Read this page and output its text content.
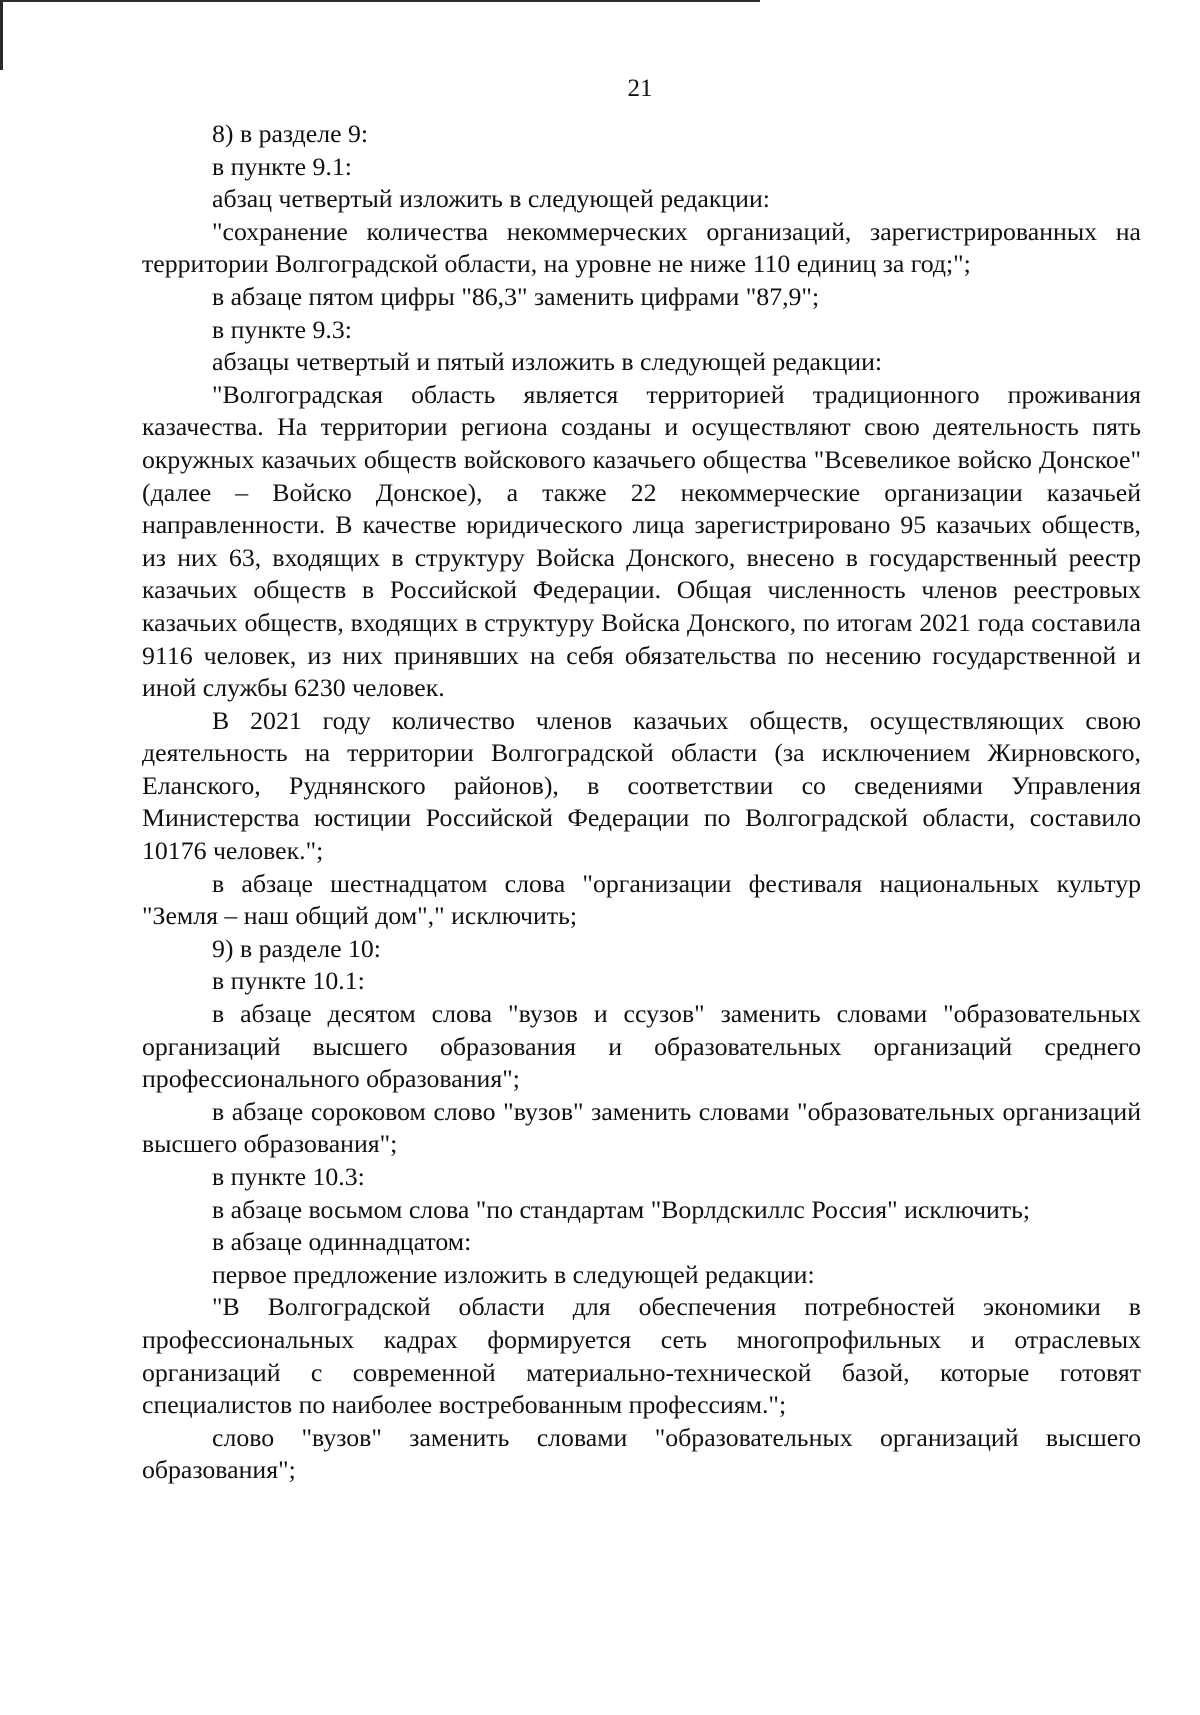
21

8) в разделе 9:

в пункте 9.1:

абзац четвертый изложить в следующей редакции:

"сохранение количества некоммерческих организаций, зарегистрированных на территории Волгоградской области, на уровне не ниже 110 единиц за год;";

в абзаце пятом цифры "86,3" заменить цифрами "87,9";

в пункте 9.3:

абзацы четвертый и пятый изложить в следующей редакции:

"Волгоградская область является территорией традиционного проживания казачества. На территории региона созданы и осуществляют свою деятельность пять окружных казачьих обществ войскового казачьего общества "Всевеликое войско Донское" (далее – Войско Донское), а также 22 некоммерческие организации казачьей направленности. В качестве юридического лица зарегистрировано 95 казачьих обществ, из них 63, входящих в структуру Войска Донского, внесено в государственный реестр казачьих обществ в Российской Федерации. Общая численность членов реестровых казачьих обществ, входящих в структуру Войска Донского, по итогам 2021 года составила 9116 человек, из них принявших на себя обязательства по несению государственной и иной службы 6230 человек.

В 2021 году количество членов казачьих обществ, осуществляющих свою деятельность на территории Волгоградской области (за исключением Жирновского, Еланского, Руднянского районов), в соответствии со сведениями Управления Министерства юстиции Российской Федерации по Волгоградской области, составило 10176 человек.";

в абзаце шестнадцатом слова "организации фестиваля национальных культур "Земля – наш общий дом"," исключить;

9) в разделе 10:

в пункте 10.1:

в абзаце десятом слова "вузов и ссузов" заменить словами "образовательных организаций высшего образования и образовательных организаций среднего профессионального образования";

в абзаце сороковом слово "вузов" заменить словами "образовательных организаций высшего образования";

в пункте 10.3:

в абзаце восьмом слова "по стандартам "Ворлдскиллс Россия" исключить;

в абзаце одиннадцатом:

первое предложение изложить в следующей редакции:

"В Волгоградской области для обеспечения потребностей экономики в профессиональных кадрах формируется сеть многопрофильных и отраслевых организаций с современной материально-технической базой, которые готовят специалистов по наиболее востребованным профессиям.";

слово "вузов" заменить словами "образовательных организаций высшего образования";
